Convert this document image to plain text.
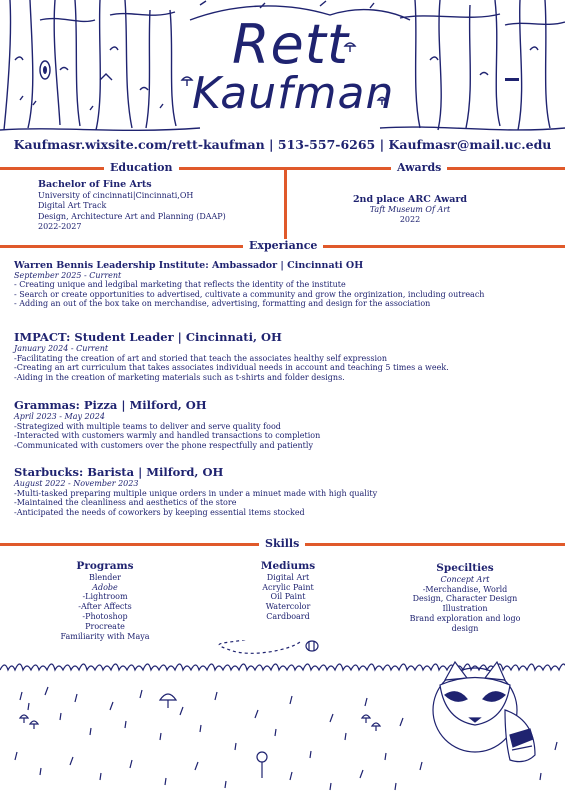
Rett
Kaufman
Kaufmasr.wixsite.com/rett-kaufman | 513-557-6265 | Kaufmasr@mail.uc.edu
Education	Awards
Bachelor of Fine Arts
University of cincinnati|Cincinnati,OH
Digital Art Track
Design, Architecture Art and Planning (DAAP)
2022-2027
2nd place ARC Award
Taft Museum Of Art
2022
Experiance
Warren Bennis Leadership Institute: Ambassador | Cincinnati OH
September 2025 - Current
- Creating unique and ledgibal marketing that reflects the identity of the institute
- Search or create opportunities to advertised, cultivate a community and grow the orginization, including outreach
- Adding an out of the box take on merchandise, advertising, formatting and design for the association
IMPACT: Student Leader | Cincinnati, OH
January 2024 - Current
-Facilitating the creation of art and storied that teach the associates healthy self expression
-Creating an art curriculum that takes associates individual needs in account and teaching 5 times a week.
-Aiding in the creation of marketing materials such as t-shirts and folder designs.
Grammas: Pizza | Milford, OH
April 2023 - May 2024
-Strategized with multiple teams to deliver and serve quality food
-Interacted with customers warmly and handled transactions to completion
-Communicated with customers over the phone respectfully and patiently
Starbucks: Barista | Milford, OH
August 2022 - November 2023
-Multi-tasked preparing multiple unique orders in under a minuet made with high quality
-Maintained the cleanliness and aesthetics of the store
-Anticipated the needs of coworkers by keeping essential items stocked
Skills
Programs
Blender
Adobe
-Lightroom
-After Affects
-Photoshop
Procreate
Familiarity with Maya
Mediums
Digital Art
Acrylic Paint
Oil Paint
Watercolor
Cardboard
Specilties
Concept Art
-Merchandise, World
Design, Character Design
Illustration
Brand exploration and logo
design
